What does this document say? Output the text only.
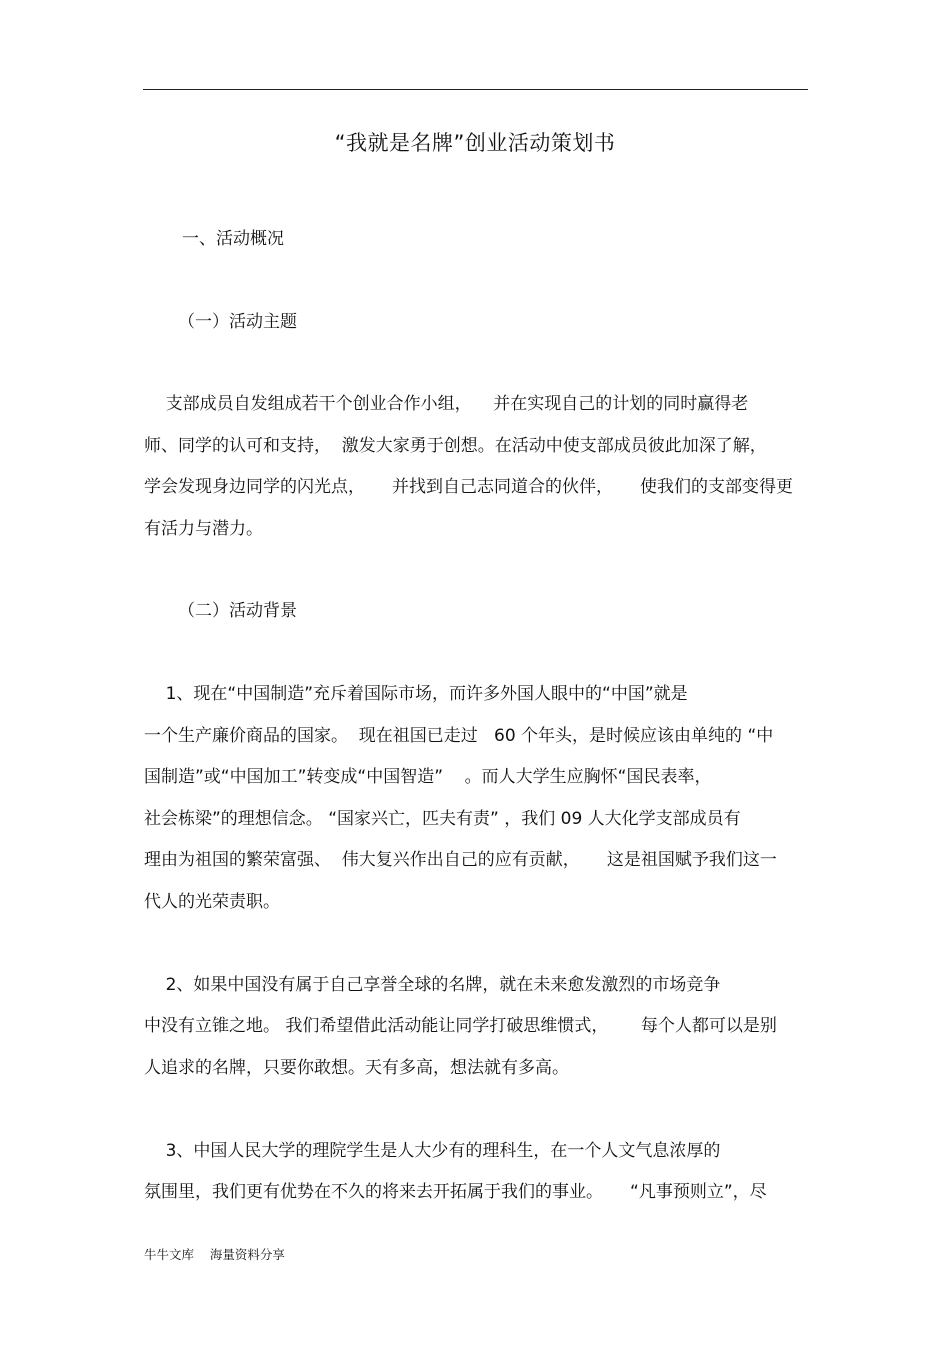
“我就是名牌”创业活动策划书
一、活动概况
（一）活动主题
支部成员自发组成若干个创业合作小组，    并在实现自己的计划的同时赢得老
师、同学的认可和支持，  激发大家勇于创想。在活动中使支部成员彼此加深了解，
学会发现身边同学的闪光点，     并找到自己志同道合的伙伴，     使我们的支部变得更
有活力与潜力。
（二）活动背景
1、现在“中国制造”充斥着国际市场，而许多外国人眼中的“中国”就是
一个生产廉价商品的国家。  现在祖国已走过   60 个年头，是时候应该由单纯的 “中
国制造”或“中国加工”转变成“中国智造”    。而人大学生应胸怀“国民表率，
社会栋梁”的理想信念。 “国家兴亡，匹夫有责” ，我们 09 人大化学支部成员有
理由为祖国的繁荣富强、  伟大复兴作出自己的应有贡献，     这是祖国赋予我们这一
代人的光荣责职。
2、如果中国没有属于自己享誉全球的名牌，就在未来愈发激烈的市场竞争
中没有立锥之地。 我们希望借此活动能让同学打破思维惯式，      每个人都可以是别
人追求的名牌，只要你敢想。天有多高，想法就有多高。
3、中国人民大学的理院学生是人大少有的理科生，在一个人文气息浓厚的
氛围里，我们更有优势在不久的将来去开拓属于我们的事业。     “凡事预则立”，尽
牛牛文库    海量资料分享
